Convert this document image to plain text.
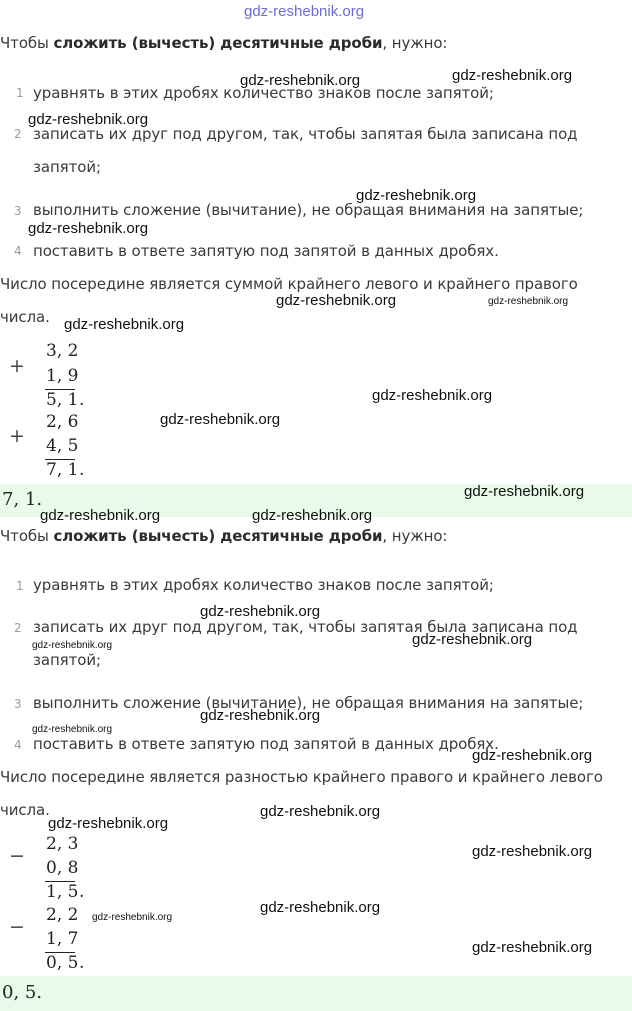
gdz-reshebnik.org
Чтобы сложить (вычесть) десятичные дроби, нужно:
1 уравнять в этих дробях количество знаков после запятой;
2 записать их друг под другом, так, чтобы запятая была записана под
запятой;
3 выполнить сложение (вычитание), не обращая внимания на запятые;
4 поставить в ответе запятую под запятой в данных дробях.
Число посередине является суммой крайнего левого и крайнего правого
числа.
+
3, 2
1, 9
5, 1 .
+
2, 6
4, 5
7, 1 .
7, 1.
Чтобы сложить (вычесть) десятичные дроби, нужно:
1 уравнять в этих дробях количество знаков после запятой;
2 записать их друг под другом, так, чтобы запятая была записана под
запятой;
3 выполнить сложение (вычитание), не обращая внимания на запятые;
4 поставить в ответе запятую под запятой в данных дробях.
Число посередине является разностью крайнего правого и крайнего левого
числа.
−
2, 3
0, 8
1, 5 .
−
2, 2
1, 7
0, 5 .
0, 5.
gdz-reshebnik.org	gdz-reshebnik.org
gdz-reshebnik.org
gdz-reshebnik.org
gdz-reshebnik.org
gdz-reshebnik.org	gdz-reshebnik.org
gdz-reshebnik.org
gdz-reshebnik.org
gdz-reshebnik.org
gdz-reshebnik.org
gdz-reshebnik.org	gdz-reshebnik.org
gdz-reshebnik.org
gdz-reshebnik.org
gdz-reshebnik.org
gdz-reshebnik.org
gdz-reshebnik.org
gdz-reshebnik.org
gdz-reshebnik.org
gdz-reshebnik.org
gdz-reshebnik.org
gdz-reshebnik.org
gdz-reshebnik.org
gdz-reshebnik.org
